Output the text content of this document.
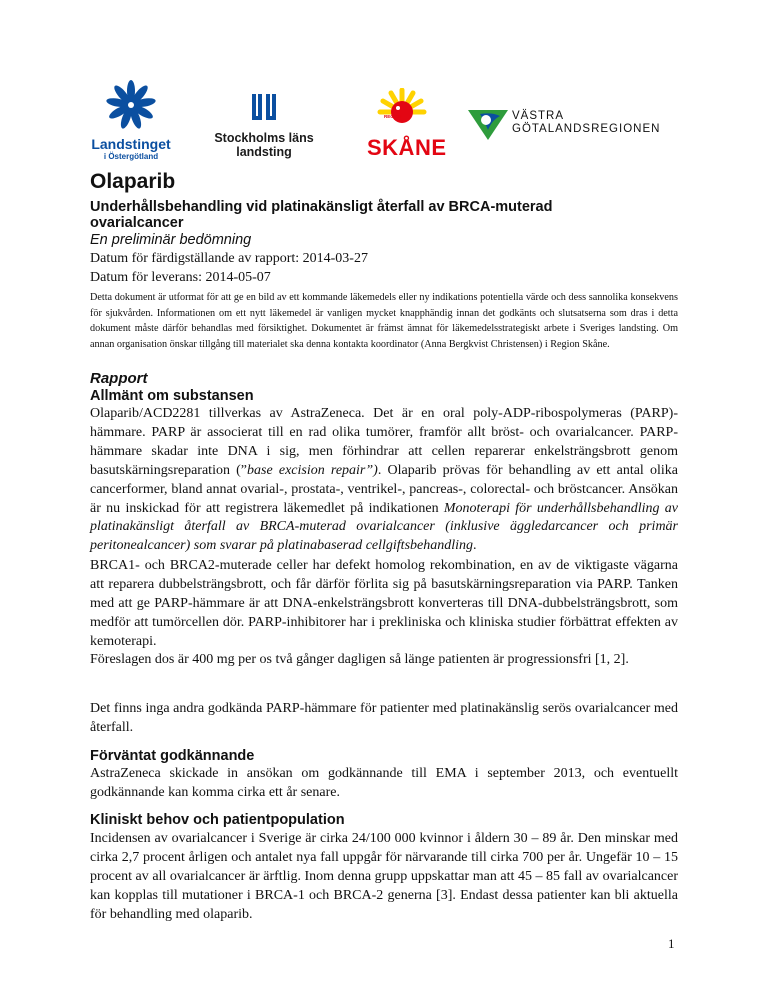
Landstinget
i Östergötland
Stockholms läns
landsting
REGION
SKÅNE
VÄSTRA
GÖTALANDSREGIONEN
Olaparib
Underhållsbehandling vid platinakänsligt återfall av BRCA-muterad ovarialcancer
En preliminär bedömning
Datum för färdigställande av rapport: 2014-03-27
Datum för leverans: 2014-05-07
Detta dokument är utformat för att ge en bild av ett kommande läkemedels eller ny indikations potentiella värde och dess sannolika konsekvens för sjukvården. Informationen om ett nytt läkemedel är vanligen mycket knapphändig innan det godkänts och slutsatserna som dras i detta dokument måste därför behandlas med försiktighet. Dokumentet är främst ämnat för läkemedelsstrategiskt arbete i Sveriges landsting. Om annan organisation önskar tillgång till materialet ska denna kontakta koordinator (Anna Bergkvist Christensen) i Region Skåne.
Rapport
Allmänt om substansen
Olaparib/ACD2281 tillverkas av AstraZeneca. Det är en oral poly-ADP-ribospolymeras (PARP)-hämmare. PARP är associerat till en rad olika tumörer, framför allt bröst- och ovarialcancer. PARP-hämmare skadar inte DNA i sig, men förhindrar att cellen reparerar enkelsträngsbrott genom basutskärningsreparation (”base excision repair”). Olaparib prövas för behandling av ett antal olika cancerformer, bland annat ovarial-, prostata-, ventrikel-, pancreas-, colorectal- och bröstcancer. Ansökan är nu inskickad för att registrera läkemedlet på indikationen Monoterapi för underhållsbehandling av platinakänsligt återfall av BRCA-muterad ovarialcancer (inklusive äggledarcancer och primär peritonealcancer) som svarar på platinabaserad cellgiftsbehandling.
BRCA1- och BRCA2-muterade celler har defekt homolog rekombination, en av de viktigaste vägarna att reparera dubbelsträngsbrott, och får därför förlita sig på basutskärningsreparation via PARP. Tanken med att ge PARP-hämmare är att DNA-enkelsträngsbrott konverteras till DNA-dubbelsträngsbrott, som medför att tumörcellen dör. PARP-inhibitorer har i prekliniska och kliniska studier förbättrat effekten av kemoterapi.
Föreslagen dos är 400 mg per os två gånger dagligen så länge patienten är progressionsfri [1, 2].
Det finns inga andra godkända PARP-hämmare för patienter med platinakänslig serös ovarialcancer med återfall.
Förväntat godkännande
AstraZeneca skickade in ansökan om godkännande till EMA i september 2013, och eventuellt godkännande kan komma cirka ett år senare.
Kliniskt behov och patientpopulation
Incidensen av ovarialcancer i Sverige är cirka 24/100 000 kvinnor i åldern 30 – 89 år. Den minskar med cirka 2,7 procent årligen och antalet nya fall uppgår för närvarande till cirka 700 per år. Ungefär 10 – 15 procent av all ovarialcancer är ärftlig. Inom denna grupp uppskattar man att 45 – 85 fall av ovarialcancer kan kopplas till mutationer i BRCA-1 och BRCA-2 generna [3]. Endast dessa patienter kan bli aktuella för behandling med olaparib.
1
